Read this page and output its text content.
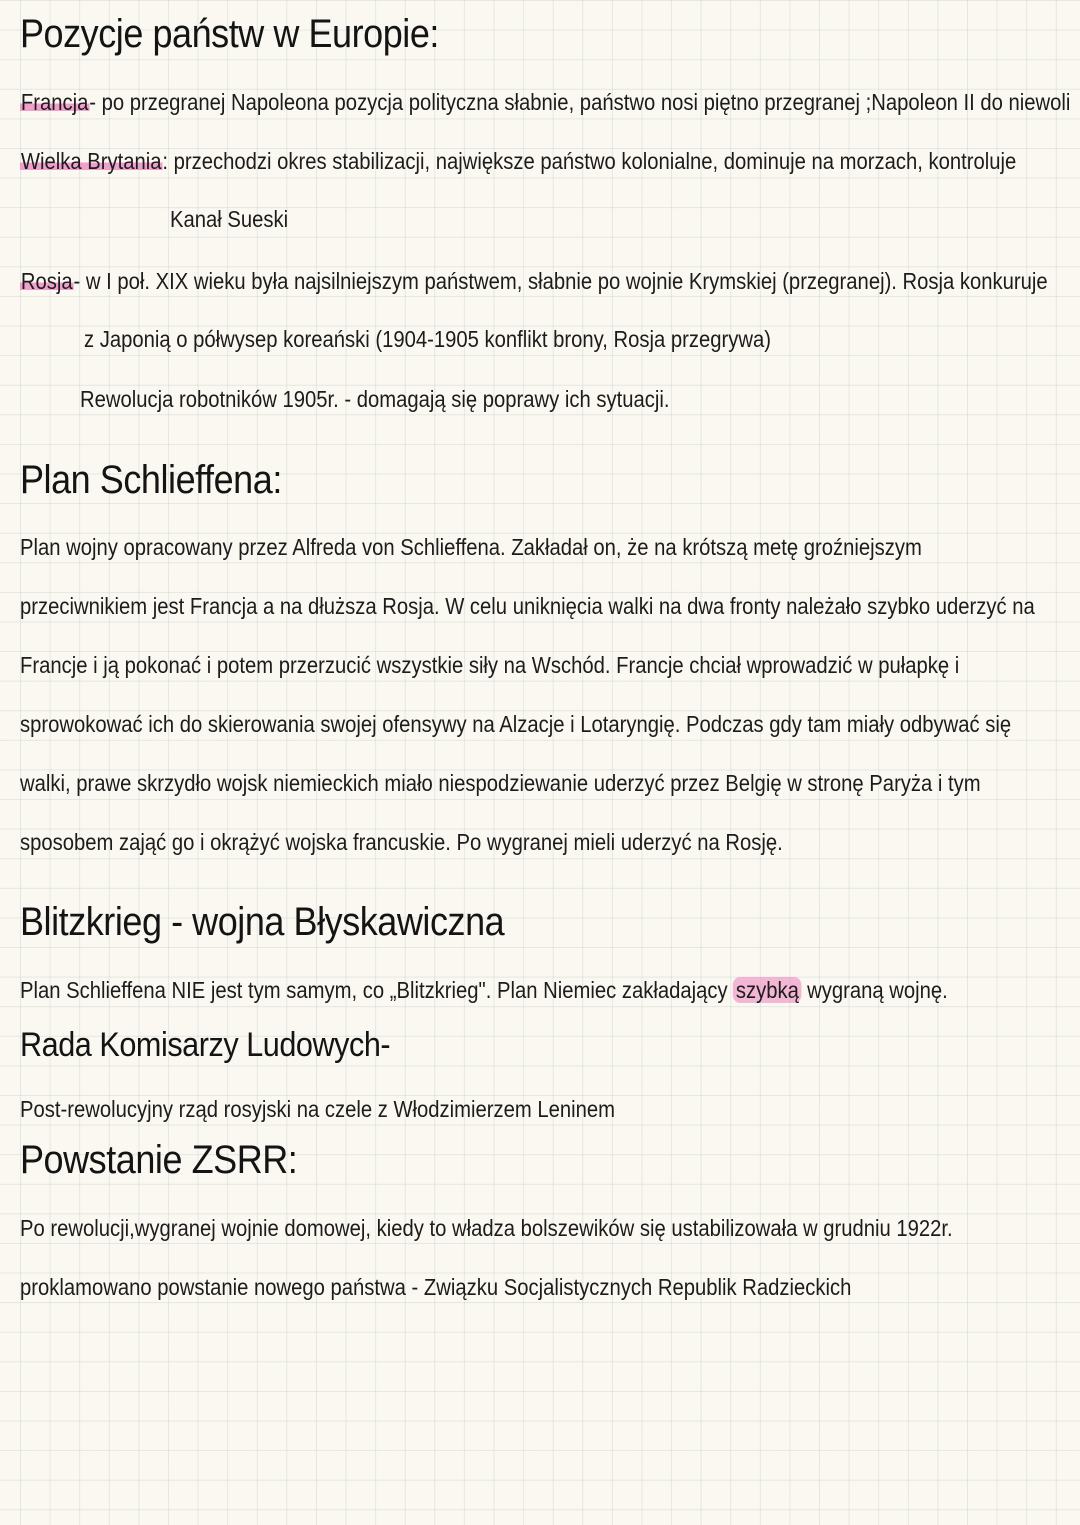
Pozycje państw w Europie:

Francja- po przegranej Napoleona pozycja polityczna słabnie, państwo nosi piętno przegranej ;Napoleon II do niewoli

Wielka Brytania: przechodzi okres stabilizacji, największe państwo kolonialne, dominuje na morzach, kontroluje

Kanał Sueski

Rosja- w I poł. XIX wieku była najsilniejszym państwem, słabnie po wojnie Krymskiej (przegranej). Rosja konkuruje

z Japonią o półwysep koreański (1904-1905 konflikt brony, Rosja przegrywa)

Rewolucja robotników 1905r. - domagają się poprawy ich sytuacji.

Plan Schlieffena:

Plan wojny opracowany przez Alfreda von Schlieffena. Zakładał on, że na krótszą metę groźniejszym

przeciwnikiem jest Francja a na dłuższa Rosja. W celu uniknięcia walki na dwa fronty należało szybko uderzyć na

Francje i ją pokonać i potem przerzucić wszystkie siły na Wschód. Francje chciał wprowadzić w pułapkę i

sprowokować ich do skierowania swojej ofensywy na Alzacje i Lotaryngię. Podczas gdy tam miały odbywać się

walki, prawe skrzydło wojsk niemieckich miało niespodziewanie uderzyć przez Belgię w stronę Paryża i tym

sposobem zająć go i okrążyć wojska francuskie. Po wygranej mieli uderzyć na Rosję.

Blitzkrieg - wojna Błyskawiczna

Plan Schlieffena NIE jest tym samym, co „Blitzkrieg". Plan Niemiec zakładający szybką wygraną wojnę.

Rada Komisarzy Ludowych-

Post-rewolucyjny rząd rosyjski na czele z Włodzimierzem Leninem

Powstanie ZSRR:

Po rewolucji,wygranej wojnie domowej, kiedy to władza bolszewików się ustabilizowała w grudniu 1922r.

proklamowano powstanie nowego państwa - Związku Socjalistycznych Republik Radzieckich
